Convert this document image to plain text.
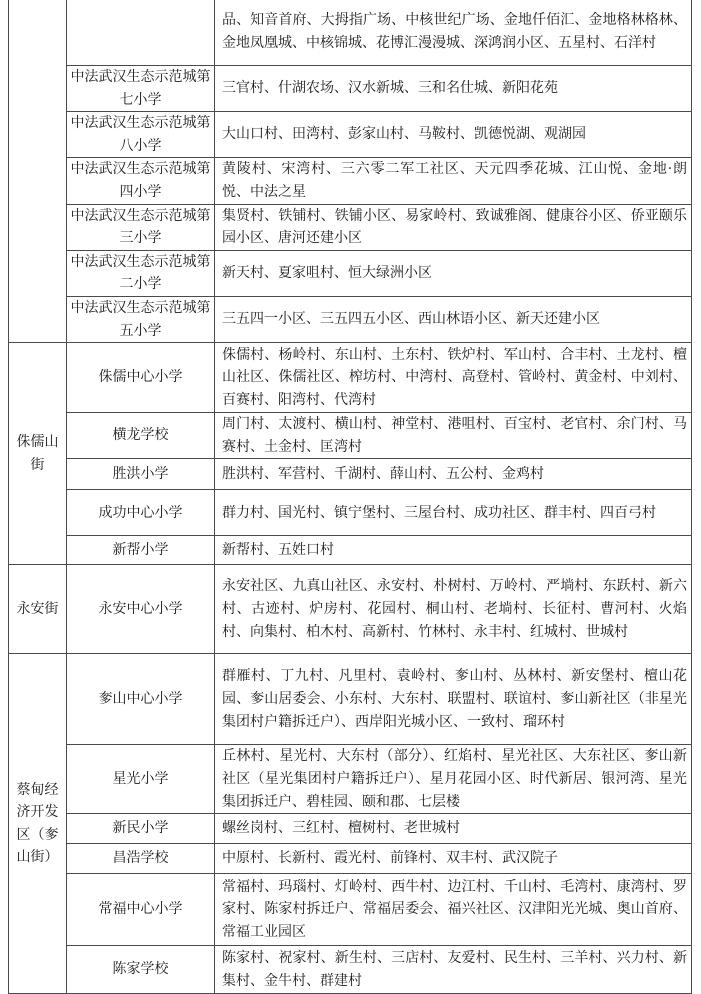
		品、知音首府、大拇指广场、中核世纪广场、金地仟佰汇、金地格林格林、金地凤凰城、中核锦城、花博汇漫漫城、深鸿润小区、五星村、石洋村
	中法武汉生态示范城第七小学	三官村、什湖农场、汉水新城、三和名仕城、新阳花苑
	中法武汉生态示范城第八小学	大山口村、田湾村、彭家山村、马鞍村、凯德悦湖、观湖园
	中法武汉生态示范城第四小学	黄陵村、宋湾村、三六零二军工社区、天元四季花城、江山悦、金地·朗悦、中法之星
	中法武汉生态示范城第三小学	集贤村、铁铺村、铁铺小区、易家岭村、致诚雅阁、健康谷小区、侨亚颐乐园小区、唐河还建小区
	中法武汉生态示范城第二小学	新天村、夏家咀村、恒大绿洲小区
	中法武汉生态示范城第五小学	三五四一小区、三五四五小区、西山林语小区、新天还建小区
侏儒山街	侏儒中心小学	侏儒村、杨岭村、东山村、土东村、铁炉村、军山村、合丰村、土龙村、檀山社区、侏儒社区、榨坊村、中湾村、高登村、管岭村、黄金村、中刘村、百赛村、阳湾村、代湾村
	横龙学校	周门村、太渡村、横山村、神堂村、港咀村、百宝村、老官村、余门村、马赛村、土金村、匡湾村
	胜洪小学	胜洪村、军营村、千湖村、薛山村、五公村、金鸡村
	成功中心小学	群力村、国光村、镇宁堡村、三屋台村、成功社区、群丰村、四百弓村
	新帮小学	新帮村、五姓口村
永安街	永安中心小学	永安社区、九真山社区、永安村、朴树村、万岭村、严埫村、东跃村、新六村、古迹村、炉房村、花园村、桐山村、老埫村、长征村、曹河村、火焰村、向集村、柏木村、高新村、竹林村、永丰村、红城村、世城村
蔡甸经济开发区（奓山街）	奓山中心小学	群雁村、丁九村、凡里村、袁岭村、奓山村、丛林村、新安堡村、檀山花园、奓山居委会、小东村、大东村、联盟村、联谊村、奓山新社区（非星光集团村户籍拆迁户）、西岸阳光城小区、一致村、瑠环村
	星光小学	丘林村、星光村、大东村（部分）、红焰村、星光社区、大东社区、奓山新社区（星光集团村户籍拆迁户）、星月花园小区、时代新居、银河湾、星光集团拆迁户、碧桂园、颐和郡、七层楼
	新民小学	螺丝岗村、三红村、檀树村、老世城村
	昌浩学校	中原村、长新村、霞光村、前锋村、双丰村、武汉院子
	常福中心小学	常福村、玛瑙村、灯岭村、西牛村、边江村、千山村、毛湾村、康湾村、罗家村、陈家村拆迁户、常福居委会、福兴社区、汉津阳光光城、奥山首府、常福工业园区
	陈家学校	陈家村、祝家村、新生村、三店村、友爱村、民生村、三羊村、兴力村、新集村、金牛村、群建村
